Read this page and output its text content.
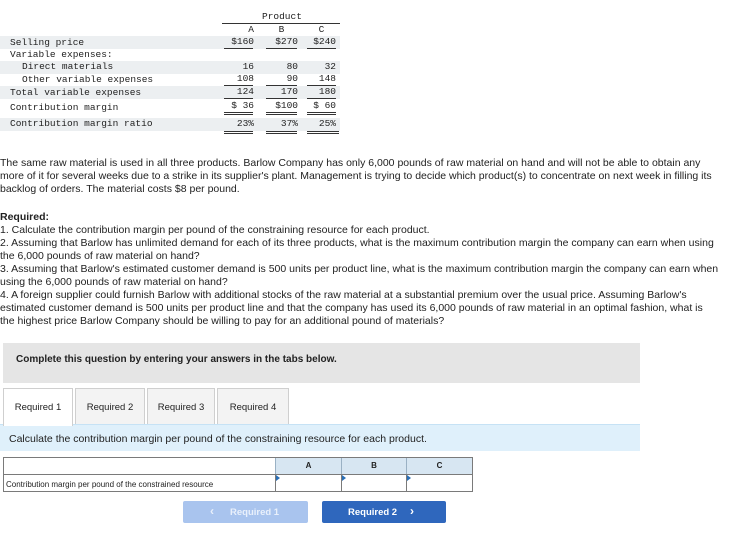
Product
A	B	C
Selling price	$160	$270	$240
Variable expenses:
Direct materials	16	80	32
Other variable expenses	108	90	148
Total variable expenses	124	170	180
Contribution margin	$ 36	$100	$ 60
Contribution margin ratio	23%	37%	25%

The same raw material is used in all three products. Barlow Company has only 6,000 pounds of raw material on hand and will not be able to obtain any more of it for several weeks due to a strike in its supplier's plant. Management is trying to decide which product(s) to concentrate on next week in filling its backlog of orders. The material costs $8 per pound.

Required:

1. Calculate the contribution margin per pound of the constraining resource for each product.

2. Assuming that Barlow has unlimited demand for each of its three products, what is the maximum contribution margin the company can earn when using the 6,000 pounds of raw material on hand?

3. Assuming that Barlow's estimated customer demand is 500 units per product line, what is the maximum contribution margin the company can earn when using the 6,000 pounds of raw material on hand?

4. A foreign supplier could furnish Barlow with additional stocks of the raw material at a substantial premium over the usual price. Assuming Barlow's estimated customer demand is 500 units per product line and that the company has used its 6,000 pounds of raw material in an optimal fashion, what is the highest price Barlow Company should be willing to pay for an additional pound of materials?

Complete this question by entering your answers in the tabs below.
Required 1	Required 2	Required 3	Required 4
Calculate the contribution margin per pound of the constraining resource for each product.
A	B	C
Contribution margin per pound of the constrained resource
‹ Required 1	Required 2 ›
